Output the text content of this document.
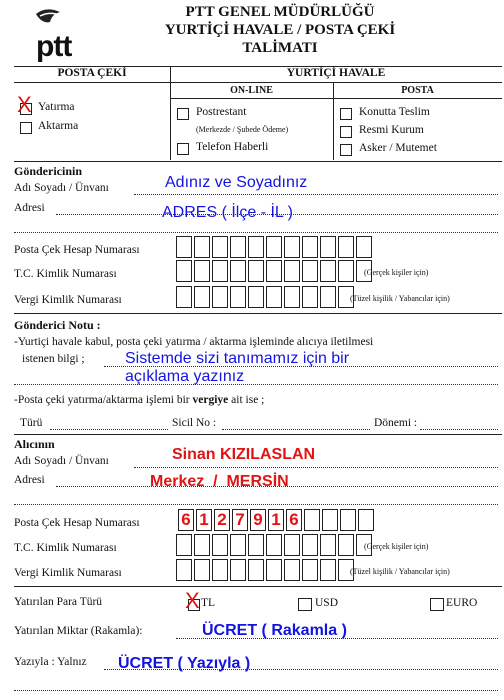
ptt
PTT GENEL MÜDÜRLÜĞÜ
YURTİÇİ HAVALE / POSTA ÇEKİ
TALİMATI
POSTA ÇEKİ	YURTİÇİ HAVALE
ON-LINE	POSTA
X Yatırma
Aktarma
Postrestant
(Merkezde / Şubede Ödeme)
Telefon Haberli
Konutta Teslim
Resmi Kurum
Asker / Mutemet
Göndericinin
Adı Soyadı / Ünvanı	Adınız ve Soyadınız
Adresi	ADRES ( İlçe - İL )
Posta Çek Hesap Numarası
T.C. Kimlik Numarası	(Gerçek kişiler için)
Vergi Kimlik Numarası	(Tüzel kişilik / Yabancılar için)
Gönderici Notu :
-Yurtiçi havale kabul, posta çeki yatırma / aktarma işleminde alıcıya iletilmesi
istenen bilgi ;	Sistemde sizi tanımamız için bir
açıklama yazınız
-Posta çeki yatırma/aktarma işlemi bir vergiye ait ise ;
Türü	Sicil No :	Dönemi :
Alıcının
Adı Soyadı / Ünvanı	Sinan KIZILASLAN
Adresi	Merkez  /  MERSİN
Posta Çek Hesap Numarası 6 1 2 7 9 1 6
T.C. Kimlik Numarası	(Gerçek kişiler için)
Vergi Kimlik Numarası	(Tüzel kişilik / Yabancılar için)
Yatırılan Para Türü	X TL	USD	EURO
Yatırılan Miktar (Rakamla):	ÜCRET ( Rakamla )
Yazıyla : Yalnız ÜCRET ( Yazıyla )
